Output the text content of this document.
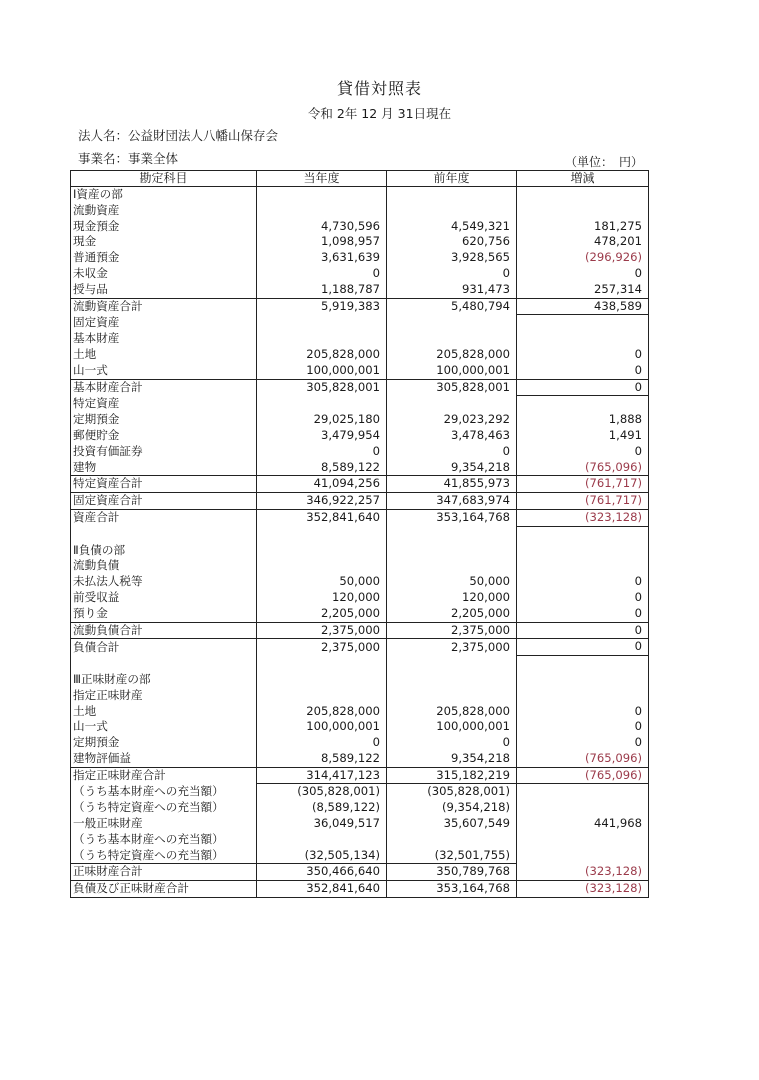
貸借対照表
令和 2年 12 月 31日現在
法人名：公益財団法人八幡山保存会
事業名：事業全体	（単位：　円）
勘定科目	当年度	前年度	増減
Ⅰ資産の部			
流動資産			
現金預金	4,730,596	4,549,321	181,275
現金	1,098,957	620,756	478,201
普通預金	3,631,639	3,928,565	(296,926)
未収金	0	0	0
授与品	1,188,787	931,473	257,314
流動資産合計	5,919,383	5,480,794	438,589
固定資産			
基本財産			
土地	205,828,000	205,828,000	0
山一式	100,000,001	100,000,001	0
基本財産合計	305,828,001	305,828,001	0
特定資産			
定期預金	29,025,180	29,023,292	1,888
郵便貯金	3,479,954	3,478,463	1,491
投資有価証券	0	0	0
建物	8,589,122	9,354,218	(765,096)
特定資産合計	41,094,256	41,855,973	(761,717)
固定資産合計	346,922,257	347,683,974	(761,717)
資産合計	352,841,640	353,164,768	(323,128)

Ⅱ負債の部			
流動負債			
未払法人税等	50,000	50,000	0
前受収益	120,000	120,000	0
預り金	2,205,000	2,205,000	0
流動負債合計	2,375,000	2,375,000	0
負債合計	2,375,000	2,375,000	0

Ⅲ正味財産の部			
指定正味財産			
土地	205,828,000	205,828,000	0
山一式	100,000,001	100,000,001	0
定期預金	0	0	0
建物評価益	8,589,122	9,354,218	(765,096)
指定正味財産合計	314,417,123	315,182,219	(765,096)
（うち基本財産への充当額）	(305,828,001)	(305,828,001)	
（うち特定資産への充当額）	(8,589,122)	(9,354,218)	
一般正味財産	36,049,517	35,607,549	441,968
（うち基本財産への充当額）			
（うち特定資産への充当額）	(32,505,134)	(32,501,755)	
正味財産合計	350,466,640	350,789,768	(323,128)
負債及び正味財産合計	352,841,640	353,164,768	(323,128)
